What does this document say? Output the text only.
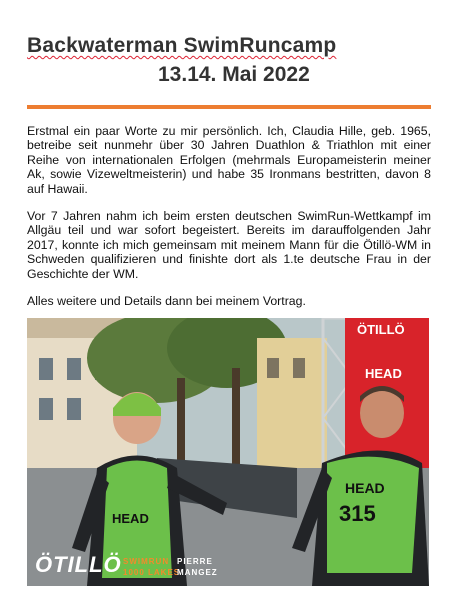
Backwaterman SwimRuncamp
13.14. Mai 2022

Erstmal ein paar Worte zu mir persönlich. Ich, Claudia Hille, geb. 1965, betreibe seit nunmehr über 30 Jahren Duathlon & Triathlon mit einer Reihe von internationalen Erfolgen (mehrmals Europameisterin meiner Ak, sowie Vizeweltmeisterin) und habe 35 Ironmans bestritten, davon 8 auf Hawaii.

Vor 7 Jahren nahm ich beim ersten deutschen SwimRun-Wettkampf im Allgäu teil und war sofort begeistert. Bereits im darauffolgenden Jahr 2017, konnte ich mich gemeinsam mit meinem Mann für die Ötillö-WM in Schweden qualifizieren und finishte dort als 1.te deutsche Frau in der Geschichte der WM.

Alles weitere und Details dann bei meinem Vortrag.

ÖTILLÖ
HEAD
HEAD
HEAD
315
ÖTILLÖ SWIMRUN
1000 LAKES
PIERRE
MANGEZ
